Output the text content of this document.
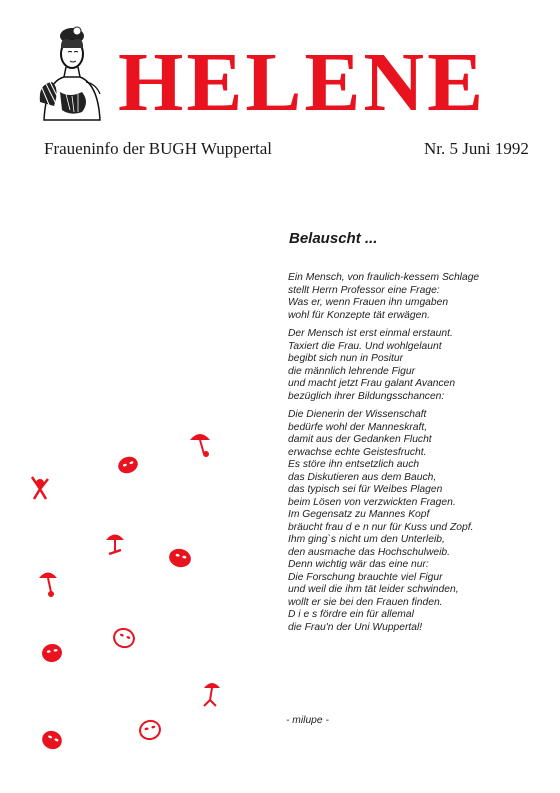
HELENE

Fraueninfo der BUGH Wuppertal	Nr. 5 Juni 1992

Belauscht ...
Ein Mensch, von fraulich-kessem Schlage
stellt Herrn Professor eine Frage:
Was er, wenn Frauen ihn umgaben
wohl für Konzepte tät erwägen.
Der Mensch ist erst einmal erstaunt.
Taxiert die Frau. Und wohlgelaunt
begibt sich nun in Positur
die männlich lehrende Figur
und macht jetzt Frau galant Avancen
bezüglich ihrer Bildungsschancen:
Die Dienerin der Wissenschaft
bedürfe wohl der Manneskraft,
damit aus der Gedanken Flucht
erwachse echte Geistesfrucht.
Es störe ihn entsetzlich auch
das Diskutieren aus dem Bauch,
das typisch sei für Weibes Plagen
beim Lösen von verzwickten Fragen.
Im Gegensatz zu Mannes Kopf
bräucht frau d e n nur für Kuss und Zopf.
Ihm ging`s nicht um den Unterleib,
den ausmache das Hochschulweib.
Denn wichtig wär das eine nur:
Die Forschung brauchte viel Figur
und weil die ihm tät leider schwinden,
wollt er sie bei den Frauen finden.
D i e s fördre ein für allemal
die Frau'n der Uni Wuppertal!

- milupe -
